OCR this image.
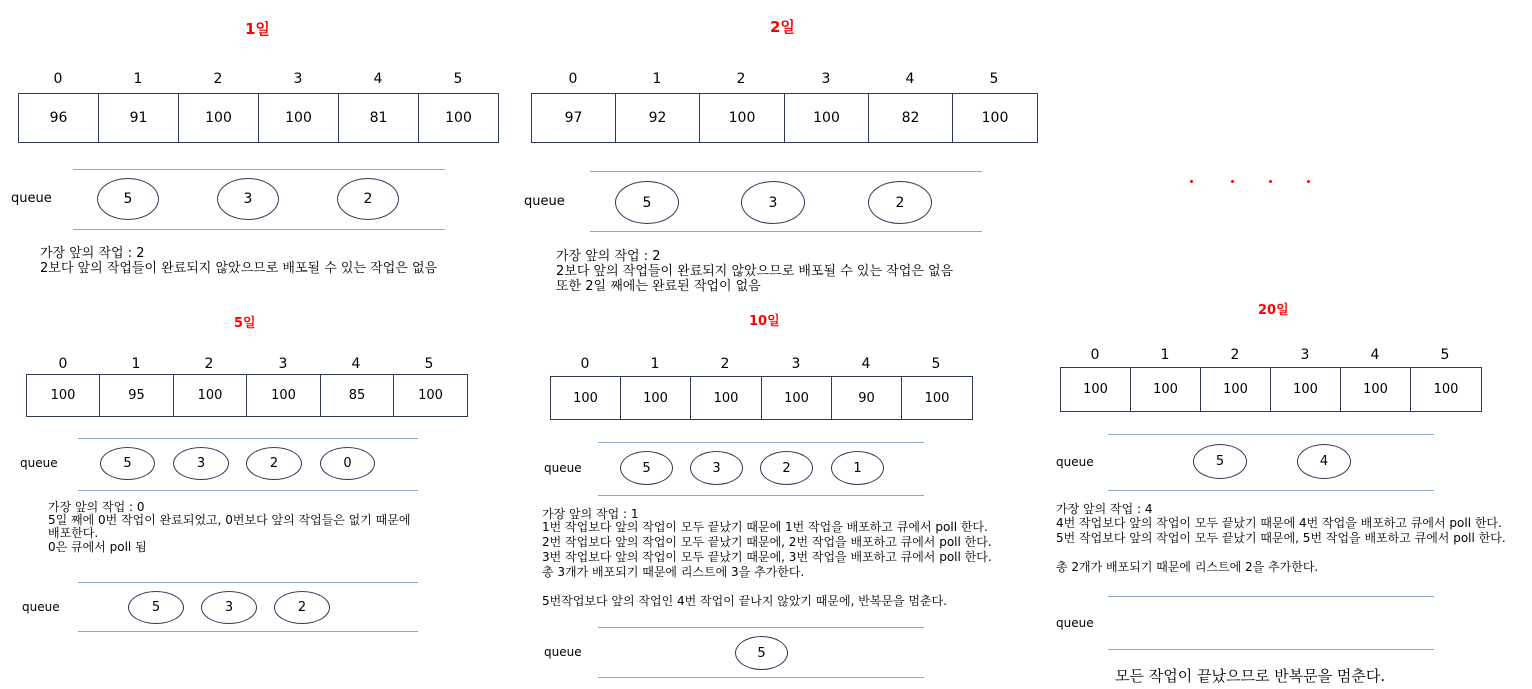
1일
0	1	2	3	4	5
96	91	100	100	81	100
queue	5	3	2
가장 앞의 작업 : 2
2보다 앞의 작업들이 완료되지 않았으므로 배포될 수 있는 작업은 없음
2일
0	1	2	3	4	5
97	92	100	100	82	100
queue	5	3	2
가장 앞의 작업 : 2
2보다 앞의 작업들이 완료되지 않았으므로 배포될 수 있는 작업은 없음
또한 2일 째에는 완료된 작업이 없음
5일
0	1	2	3	4	5
100	95	100	100	85	100
queue	5	3	2	0
가장 앞의 작업 : 0
5일 째에 0번 작업이 완료되었고, 0번보다 앞의 작업들은 없기 때문에
배포한다.
0은 큐에서 poll 됨
queue	5	3	2
10일
0	1	2	3	4	5
100	100	100	100	90	100
queue	5	3	2	1
가장 앞의 작업 : 1
1번 작업보다 앞의 작업이 모두 끝났기 때문에 1번 작업을 배포하고 큐에서 poll 한다.
2번 작업보다 앞의 작업이 모두 끝났기 때문에, 2번 작업을 배포하고 큐에서 poll 한다.
3번 작업보다 앞의 작업이 모두 끝났기 때문에, 3번 작업을 배포하고 큐에서 poll 한다.
총 3개가 배포되기 때문에 리스트에 3을 추가한다.
5번작업보다 앞의 작업인 4번 작업이 끝나지 않았기 때문에, 반복문을 멈춘다.
queue	5
20일
0	1	2	3	4	5
100	100	100	100	100	100
queue	5	4
가장 앞의 작업 : 4
4번 작업보다 앞의 작업이 모두 끝났기 때문에 4번 작업을 배포하고 큐에서 poll 한다.
5번 작업보다 앞의 작업이 모두 끝났기 때문에, 5번 작업을 배포하고 큐에서 poll 한다.
총 2개가 배포되기 때문에 리스트에 2을 추가한다.
queue
모든 작업이 끝났으므로 반복문을 멈춘다.
